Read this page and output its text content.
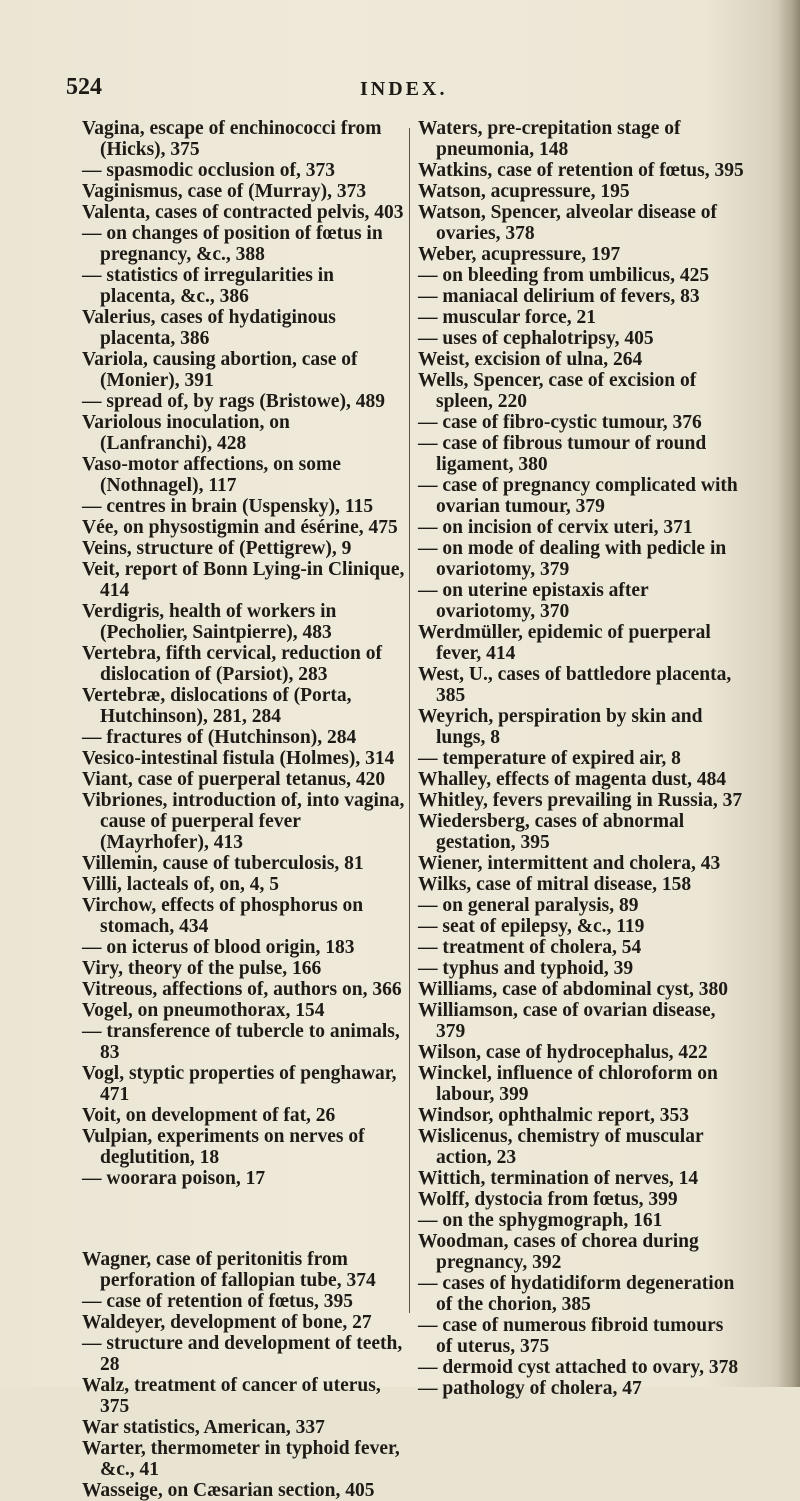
524	INDEX.

Vagina, escape of enchinococci from (Hicks), 375

— spasmodic occlusion of, 373

Vaginismus, case of (Murray), 373

Valenta, cases of contracted pelvis, 403

— on changes of position of fœtus in pregnancy, &c., 388

— statistics of irregularities in placenta, &c., 386

Valerius, cases of hydatiginous placenta, 386

Variola, causing abortion, case of (Monier), 391

— spread of, by rags (Bristowe), 489

Variolous inoculation, on (Lanfranchi), 428

Vaso-motor affections, on some (Nothnagel), 117

— centres in brain (Uspensky), 115

Vée, on physostigmin and ésérine, 475

Veins, structure of (Pettigrew), 9

Veit, report of Bonn Lying-in Clinique, 414

Verdigris, health of workers in (Pecholier, Saintpierre), 483

Vertebra, fifth cervical, reduction of dislocation of (Parsiot), 283

Vertebræ, dislocations of (Porta, Hutchinson), 281, 284

— fractures of (Hutchinson), 284

Vesico-intestinal fistula (Holmes), 314

Viant, case of puerperal tetanus, 420

Vibriones, introduction of, into vagina, cause of puerperal fever (Mayrhofer), 413

Villemin, cause of tuberculosis, 81

Villi, lacteals of, on, 4, 5

Virchow, effects of phosphorus on stomach, 434

— on icterus of blood origin, 183

Viry, theory of the pulse, 166

Vitreous, affections of, authors on, 366

Vogel, on pneumothorax, 154

— transference of tubercle to animals, 83

Vogl, styptic properties of penghawar, 471

Voit, on development of fat, 26

Vulpian, experiments on nerves of deglutition, 18

— woorara poison, 17

Wagner, case of peritonitis from perforation of fallopian tube, 374

— case of retention of fœtus, 395

Waldeyer, development of bone, 27

— structure and development of teeth, 28

Walz, treatment of cancer of uterus, 375

War statistics, American, 337

Warter, thermometer in typhoid fever, &c., 41

Wasseige, on Cæsarian section, 405

Waters, pre-crepitation stage of pneumonia, 148

Watkins, case of retention of fœtus, 395

Watson, acupressure, 195

Watson, Spencer, alveolar disease of ovaries, 378

Weber, acupressure, 197

— on bleeding from umbilicus, 425

— maniacal delirium of fevers, 83

— muscular force, 21

— uses of cephalotripsy, 405

Weist, excision of ulna, 264

Wells, Spencer, case of excision of spleen, 220

— case of fibro-cystic tumour, 376

— case of fibrous tumour of round ligament, 380

— case of pregnancy complicated with ovarian tumour, 379

— on incision of cervix uteri, 371

— on mode of dealing with pedicle in ovariotomy, 379

— on uterine epistaxis after ovariotomy, 370

Werdmüller, epidemic of puerperal fever, 414

West, U., cases of battledore placenta, 385

Weyrich, perspiration by skin and lungs, 8

— temperature of expired air, 8

Whalley, effects of magenta dust, 484

Whitley, fevers prevailing in Russia, 37

Wiedersberg, cases of abnormal gestation, 395

Wiener, intermittent and cholera, 43

Wilks, case of mitral disease, 158

— on general paralysis, 89

— seat of epilepsy, &c., 119

— treatment of cholera, 54

— typhus and typhoid, 39

Williams, case of abdominal cyst, 380

Williamson, case of ovarian disease, 379

Wilson, case of hydrocephalus, 422

Winckel, influence of chloroform on labour, 399

Windsor, ophthalmic report, 353

Wislicenus, chemistry of muscular action, 23

Wittich, termination of nerves, 14

Wolff, dystocia from fœtus, 399

— on the sphygmograph, 161

Woodman, cases of chorea during pregnancy, 392

— cases of hydatidiform degeneration of the chorion, 385

— case of numerous fibroid tumours of uterus, 375

— dermoid cyst attached to ovary, 378

— pathology of cholera, 47
